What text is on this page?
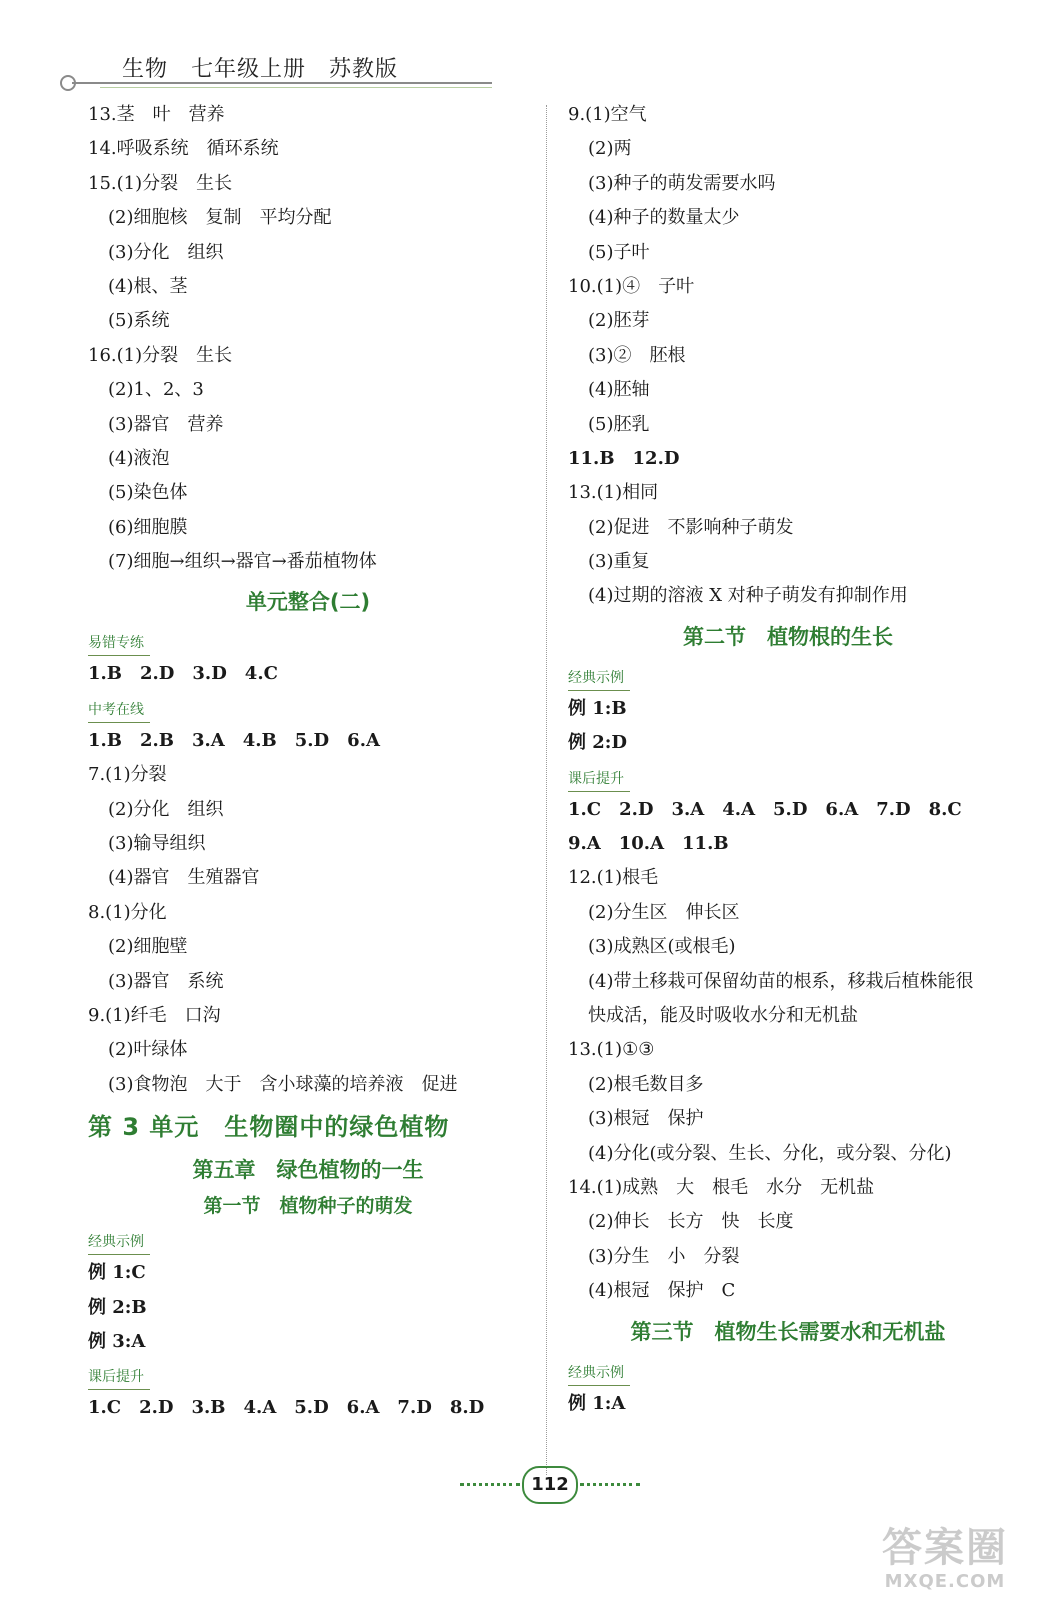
生物　七年级上册　苏教版
13.茎　叶　营养
14.呼吸系统　循环系统
15.(1)分裂　生长
(2)细胞核　复制　平均分配
(3)分化　组织
(4)根、茎
(5)系统
16.(1)分裂　生长
(2)1、2、3
(3)器官　营养
(4)液泡
(5)染色体
(6)细胞膜
(7)细胞→组织→器官→番茄植物体
单元整合(二)
易错专练
1.B　2.D　3.D　4.C
中考在线
1.B　2.B　3.A　4.B　5.D　6.A
7.(1)分裂
(2)分化　组织
(3)输导组织
(4)器官　生殖器官
8.(1)分化
(2)细胞壁
(3)器官　系统
9.(1)纤毛　口沟
(2)叶绿体
(3)食物泡　大于　含小球藻的培养液　促进
第 3 单元　生物圈中的绿色植物
第五章　绿色植物的一生
第一节　植物种子的萌发
经典示例
例 1:C
例 2:B
例 3:A
课后提升
1.C　2.D　3.B　4.A　5.D　6.A　7.D　8.D
9.(1)空气
(2)两
(3)种子的萌发需要水吗
(4)种子的数量太少
(5)子叶
10.(1)④　子叶
(2)胚芽
(3)②　胚根
(4)胚轴
(5)胚乳
11.B　12.D
13.(1)相同
(2)促进　不影响种子萌发
(3)重复
(4)过期的溶液 X 对种子萌发有抑制作用
第二节　植物根的生长
经典示例
例 1:B
例 2:D
课后提升
1.C　2.D　3.A　4.A　5.D　6.A　7.D　8.C
9.A　10.A　11.B
12.(1)根毛
(2)分生区　伸长区
(3)成熟区(或根毛)
(4)带土移栽可保留幼苗的根系，移栽后植株能很
快成活，能及时吸收水分和无机盐
13.(1)①③
(2)根毛数目多
(3)根冠　保护
(4)分化(或分裂、生长、分化，或分裂、分化)
14.(1)成熟　大　根毛　水分　无机盐
(2)伸长　长方　快　长度
(3)分生　小　分裂
(4)根冠　保护　C
第三节　植物生长需要水和无机盐
经典示例
例 1:A
112
答案圈
MXQE.COM
